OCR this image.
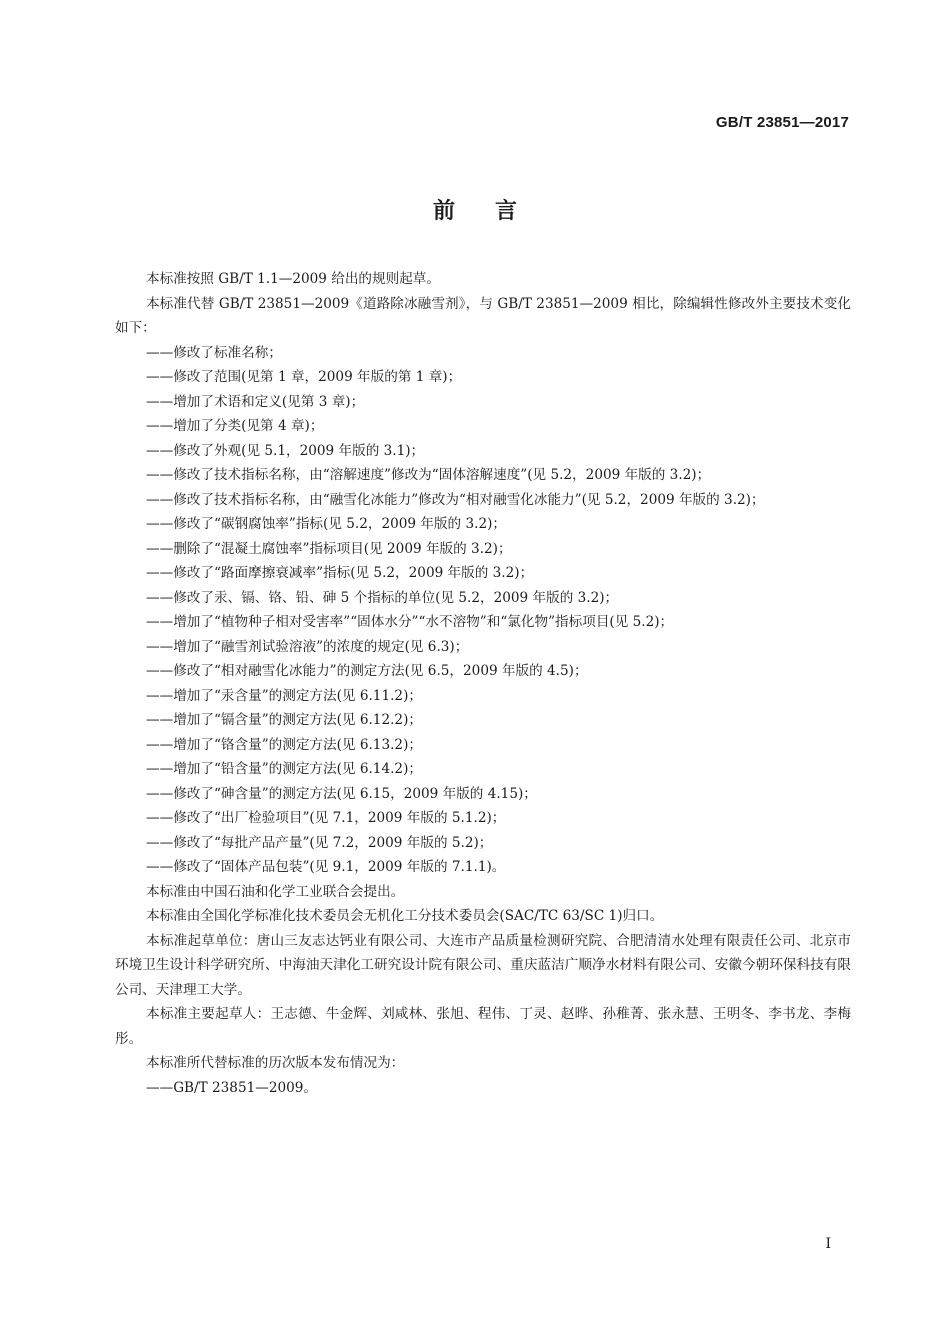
GB/T 23851—2017
前言

本标准按照 GB/T 1.1—2009 给出的规则起草。

本标准代替 GB/T 23851—2009《道路除冰融雪剂》，与 GB/T 23851—2009 相比，除编辑性修改外主要技术变化如下：

——修改了标准名称；

——修改了范围(见第 1 章，2009 年版的第 1 章)；

——增加了术语和定义(见第 3 章)；

——增加了分类(见第 4 章)；

——修改了外观(见 5.1，2009 年版的 3.1)；

——修改了技术指标名称，由“溶解速度”修改为“固体溶解速度”(见 5.2，2009 年版的 3.2)；

——修改了技术指标名称，由“融雪化冰能力”修改为“相对融雪化冰能力”(见 5.2，2009 年版的 3.2)；

——修改了“碳钢腐蚀率”指标(见 5.2，2009 年版的 3.2)；

——删除了“混凝土腐蚀率”指标项目(见 2009 年版的 3.2)；

——修改了“路面摩擦衰减率”指标(见 5.2，2009 年版的 3.2)；

——修改了汞、镉、铬、铅、砷 5 个指标的单位(见 5.2，2009 年版的 3.2)；

——增加了“植物种子相对受害率”“固体水分”“水不溶物”和“氯化物”指标项目(见 5.2)；

——增加了“融雪剂试验溶液”的浓度的规定(见 6.3)；

——修改了“相对融雪化冰能力”的测定方法(见 6.5，2009 年版的 4.5)；

——增加了“汞含量”的测定方法(见 6.11.2)；

——增加了“镉含量”的测定方法(见 6.12.2)；

——增加了“铬含量”的测定方法(见 6.13.2)；

——增加了“铅含量”的测定方法(见 6.14.2)；

——修改了“砷含量”的测定方法(见 6.15，2009 年版的 4.15)；

——修改了“出厂检验项目”(见 7.1，2009 年版的 5.1.2)；

——修改了“每批产品产量”(见 7.2，2009 年版的 5.2)；

——修改了“固体产品包装”(见 9.1，2009 年版的 7.1.1)。

本标准由中国石油和化学工业联合会提出。

本标准由全国化学标准化技术委员会无机化工分技术委员会(SAC/TC 63/SC 1)归口。

本标准起草单位：唐山三友志达钙业有限公司、大连市产品质量检测研究院、合肥清清水处理有限责任公司、北京市环境卫生设计科学研究所、中海油天津化工研究设计院有限公司、重庆蓝洁广顺净水材料有限公司、安徽今朝环保科技有限公司、天津理工大学。

本标准主要起草人：王志德、牛金辉、刘咸林、张旭、程伟、丁灵、赵晔、孙稚菁、张永慧、王明冬、李书龙、李梅彤。

本标准所代替标准的历次版本发布情况为：

——GB/T 23851—2009。

I
